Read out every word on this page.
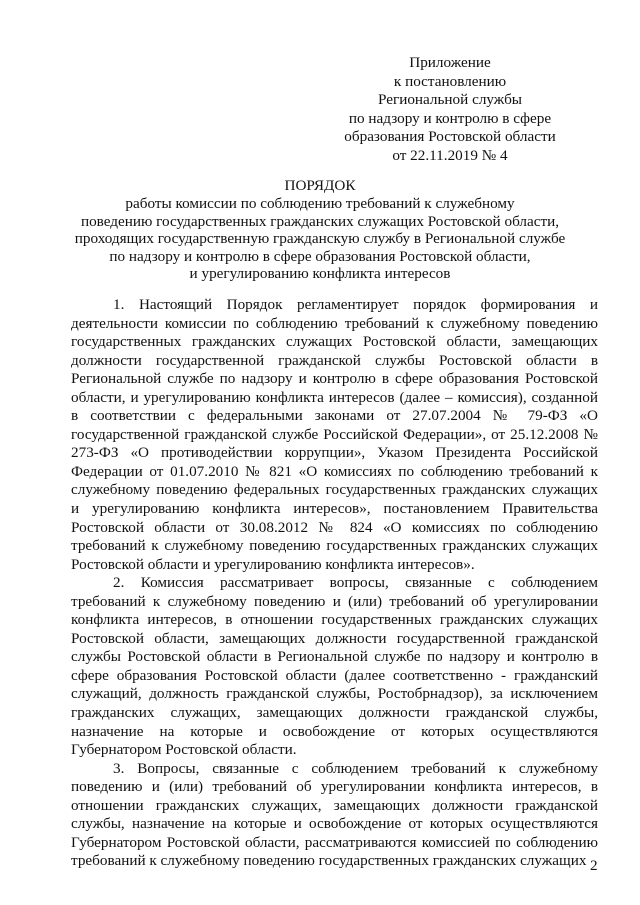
Приложение
к постановлению
Региональной службы
по надзору и контролю в сфере
образования Ростовской области
от 22.11.2019 № 4
ПОРЯДОК
работы комиссии по соблюдению требований к служебному
поведению государственных гражданских служащих Ростовской области,
проходящих государственную гражданскую службу в Региональной службе
по надзору и контролю в сфере образования Ростовской области,
и урегулированию конфликта интересов

1. Настоящий Порядок регламентирует порядок формирования и деятельности комиссии по соблюдению требований к служебному поведению государственных гражданских служащих Ростовской области, замещающих должности государственной гражданской службы Ростовской области в Региональной службе по надзору и контролю в сфере образования Ростовской области, и урегулированию конфликта интересов (далее – комиссия), созданной в соответствии с федеральными законами от 27.07.2004 № 79-ФЗ «О государственной гражданской службе Российской Федерации», от 25.12.2008 № 273-ФЗ «О противодействии коррупции», Указом Президента Российской Федерации от 01.07.2010 № 821 «О комиссиях по соблюдению требований к служебному поведению федеральных государственных гражданских служащих и урегулированию конфликта интересов», постановлением Правительства Ростовской области от 30.08.2012 № 824 «О комиссиях по соблюдению требований к служебному поведению государственных гражданских служащих Ростовской области и урегулированию конфликта интересов».

2. Комиссия рассматривает вопросы, связанные с соблюдением требований к служебному поведению и (или) требований об урегулировании конфликта интересов, в отношении государственных гражданских служащих Ростовской области, замещающих должности государственной гражданской службы Ростовской области в Региональной службе по надзору и контролю в сфере образования Ростовской области (далее соответственно - гражданский служащий, должность гражданской службы, Ростобрнадзор), за исключением гражданских служащих, замещающих должности гражданской службы, назначение на которые и освобождение от которых осуществляются Губернатором Ростовской области.

3. Вопросы, связанные с соблюдением требований к служебному поведению и (или) требований об урегулировании конфликта интересов, в отношении гражданских служащих, замещающих должности гражданской службы, назначение на которые и освобождение от которых осуществляются Губернатором Ростовской области, рассматриваются комиссией по соблюдению требований к служебному поведению государственных гражданских служащих 2
